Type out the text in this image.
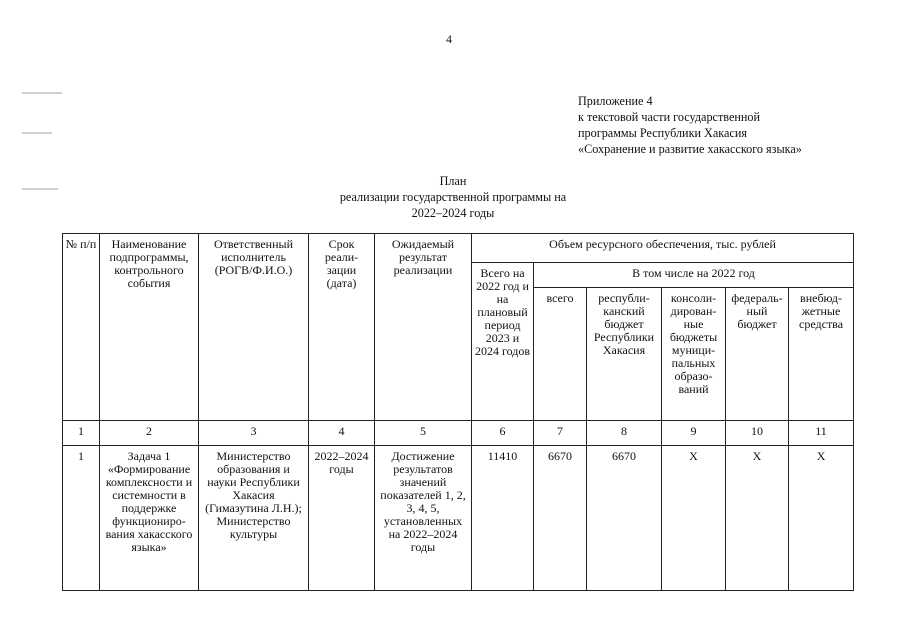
4
Приложение 4
к текстовой части государственной
программы Республики Хакасия
«Сохранение и развитие хакасского языка»
План
реализации государственной программы на
2022–2024 годы
№ п/п	Наименование подпрограммы, контрольного события	Ответственный исполнитель (РОГВ/Ф.И.О.)	Срок реали-зации (дата)	Ожидаемый результат реализации	Объем ресурсного обеспечения, тыс. рублей					
					Всего на 2022 год и на плановый период 2023 и 2024 годов	В том числе на 2022 год				
						всего	республи-канский бюджет Республики Хакасия	консоли-дирован-ные бюджеты муници-пальных образо-ваний	федераль-ный бюджет	внебюд-жетные средства
1	2	3	4	5	6	7	8	9	10	11
1	Задача 1 «Формирование комплексности и системности в поддержке функциониро-вания хакасского языка»	Министерство образования и науки Республики Хакасия (Гимазутина Л.Н.); Министерство культуры	2022–2024 годы	Достижение результатов значений показателей 1, 2, 3, 4, 5, установленных на 2022–2024 годы	11410	6670	6670	X	X	X
